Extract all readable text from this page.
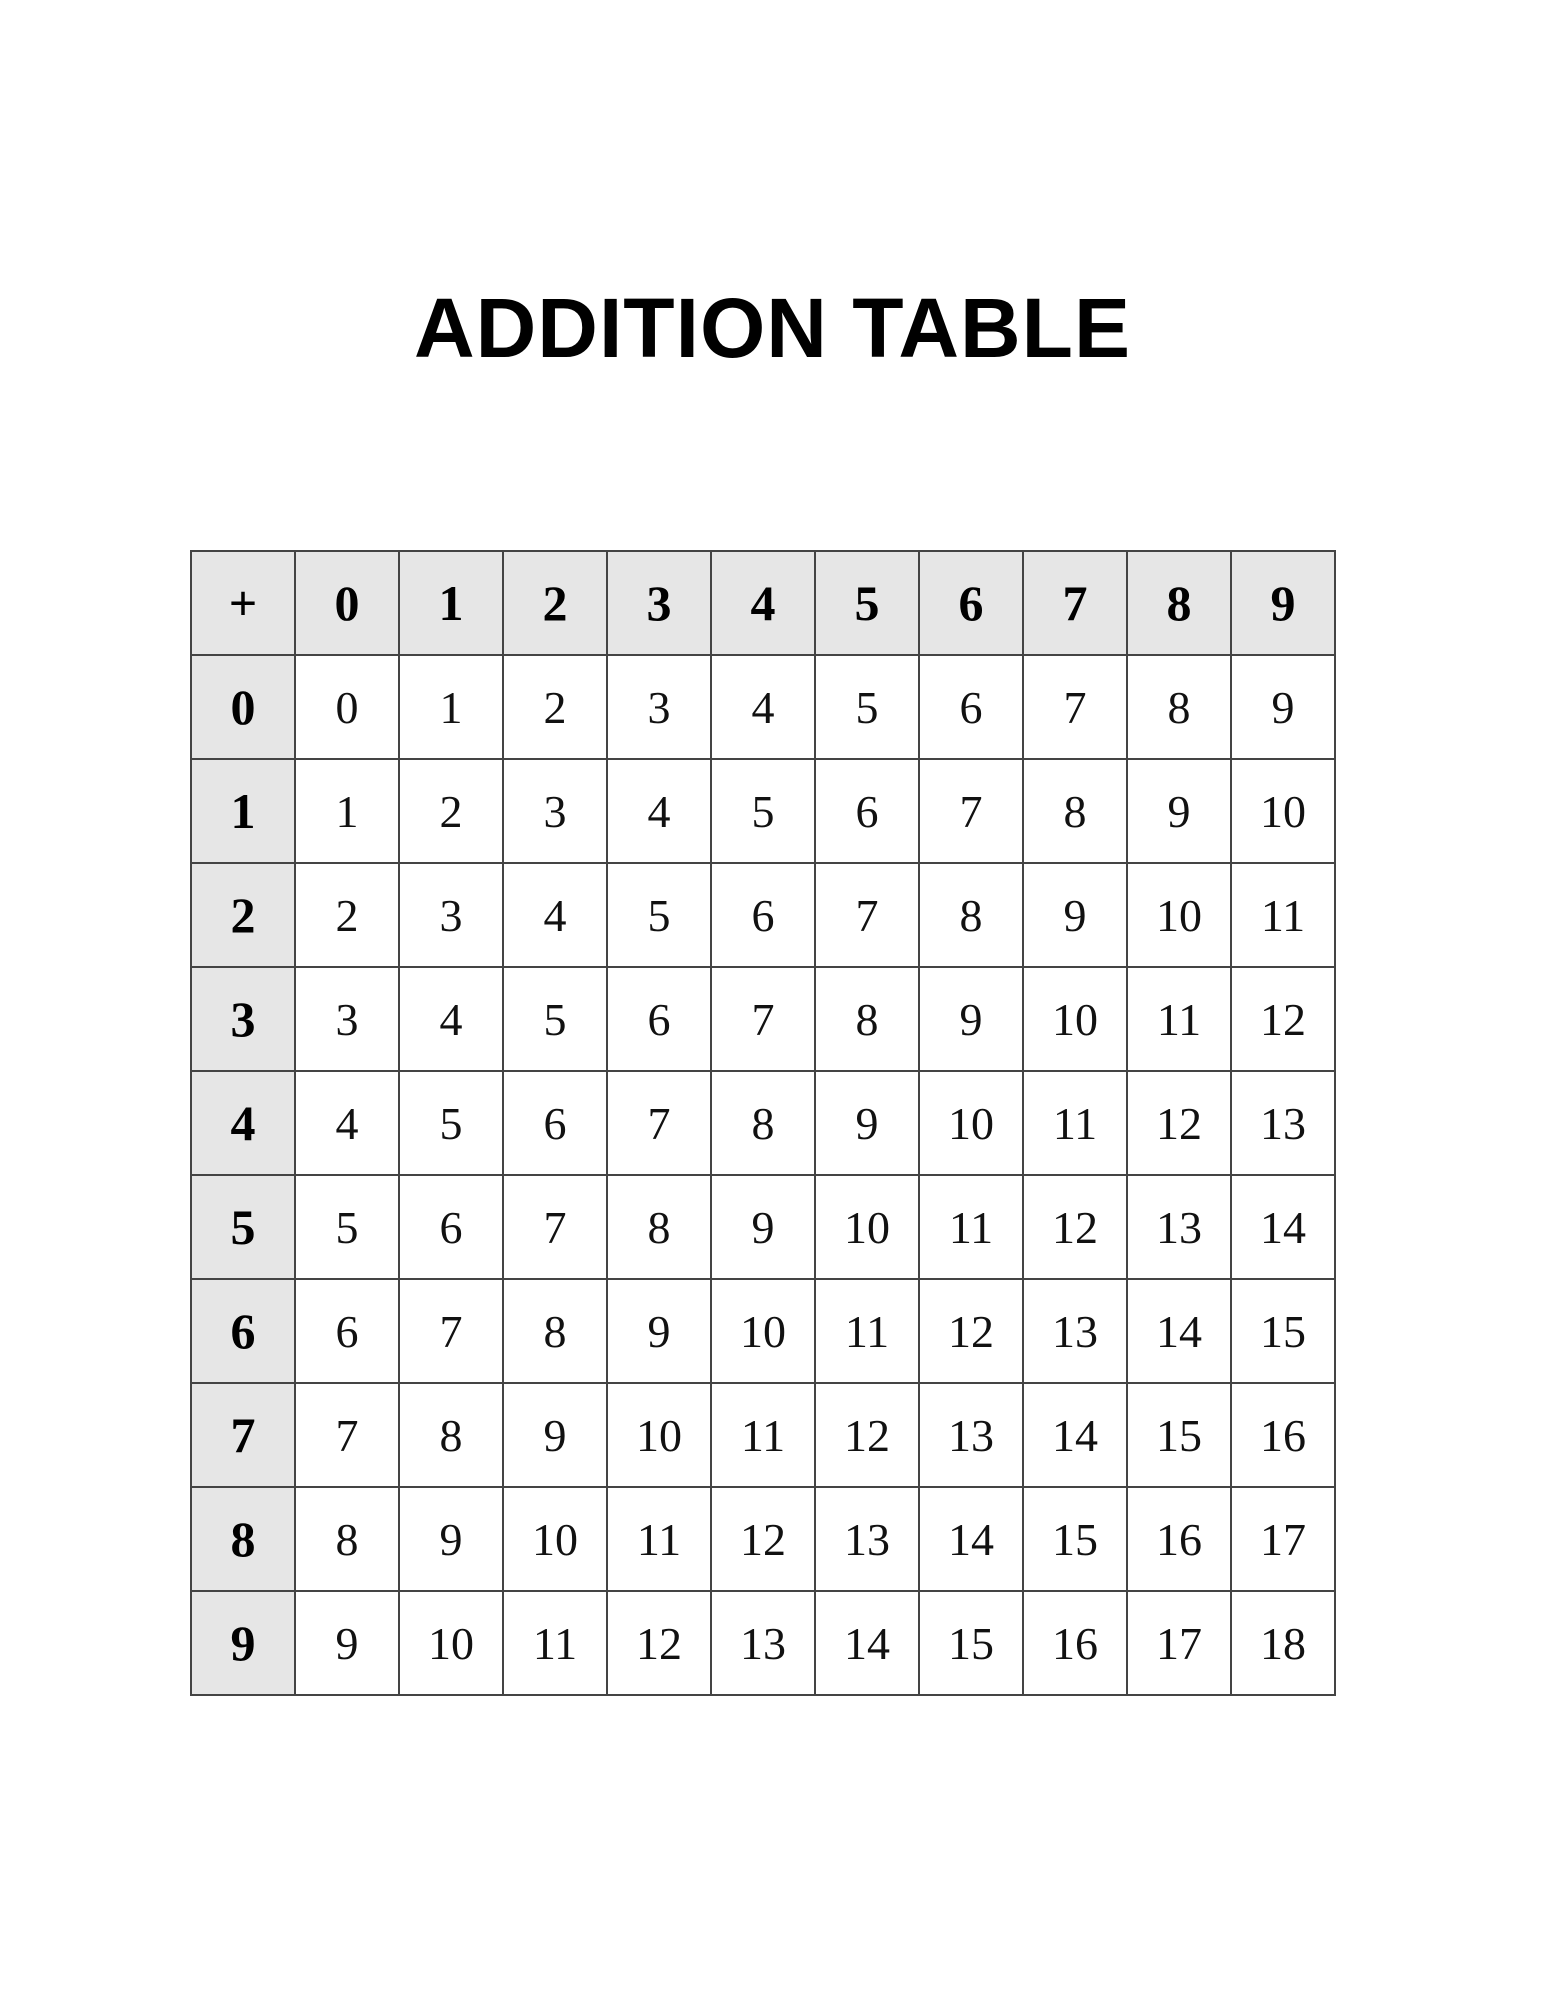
ADDITION TABLE
+	0	1	2	3	4	5	6	7	8	9
0	0	1	2	3	4	5	6	7	8	9
1	1	2	3	4	5	6	7	8	9	10
2	2	3	4	5	6	7	8	9	10	11
3	3	4	5	6	7	8	9	10	11	12
4	4	5	6	7	8	9	10	11	12	13
5	5	6	7	8	9	10	11	12	13	14
6	6	7	8	9	10	11	12	13	14	15
7	7	8	9	10	11	12	13	14	15	16
8	8	9	10	11	12	13	14	15	16	17
9	9	10	11	12	13	14	15	16	17	18
